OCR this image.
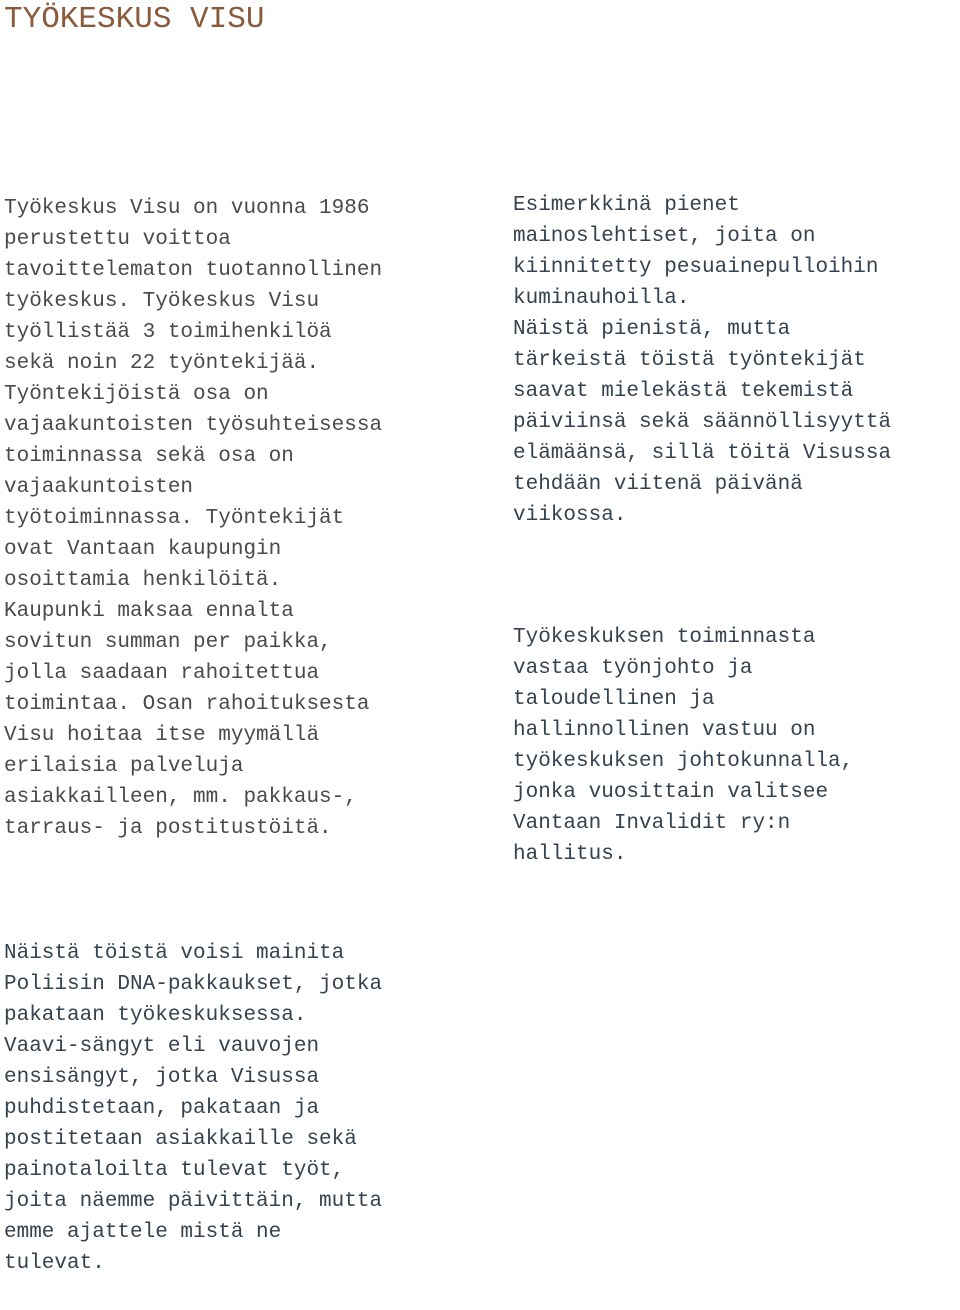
TYÖKESKUS VISU

Työkeskus Visu on vuonna 1986
perustettu voittoa
tavoittelematon tuotannollinen
työkeskus. Työkeskus Visu
työllistää 3 toimihenkilöä
sekä noin 22 työntekijää.
Työntekijöistä osa on
vajaakuntoisten työsuhteisessa
toiminnassa sekä osa on
vajaakuntoisten
työtoiminnassa. Työntekijät
ovat Vantaan kaupungin
osoittamia henkilöitä.
Kaupunki maksaa ennalta
sovitun summan per paikka,
jolla saadaan rahoitettua
toimintaa. Osan rahoituksesta
Visu hoitaa itse myymällä
erilaisia palveluja
asiakkailleen, mm. pakkaus-,
tarraus- ja postitustöitä.

Esimerkkinä pienet
mainoslehtiset, joita on
kiinnitetty pesuainepulloihin
kuminauhoilla.
Näistä pienistä, mutta
tärkeistä töistä työntekijät
saavat mielekästä tekemistä
päiviinsä sekä säännöllisyyttä
elämäänsä, sillä töitä Visussa
tehdään viitenä päivänä
viikossa.

Työkeskuksen toiminnasta
vastaa työnjohto ja
taloudellinen ja
hallinnollinen vastuu on
työkeskuksen johtokunnalla,
jonka vuosittain valitsee
Vantaan Invalidit ry:n
hallitus.

Näistä töistä voisi mainita
Poliisin DNA-pakkaukset, jotka
pakataan työkeskuksessa.
Vaavi-sängyt eli vauvojen
ensisängyt, jotka Visussa
puhdistetaan, pakataan ja
postitetaan asiakkaille sekä
painotaloilta tulevat työt,
joita näemme päivittäin, mutta
emme ajattele mistä ne
tulevat.
